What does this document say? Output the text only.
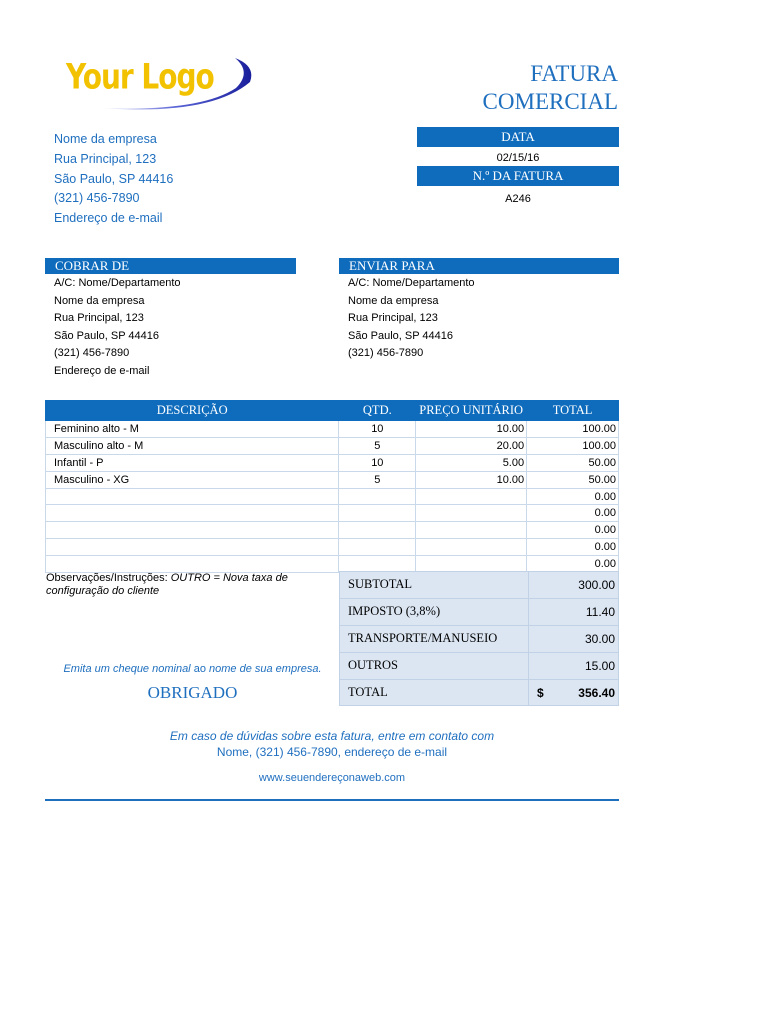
Your Logo	FATURA
COMERCIAL
Nome da empresa
Rua Principal, 123
São Paulo, SP 44416
(321) 456-7890
Endereço de e-mail
DATA
02/15/16
N.º DA FATURA
A246
COBRAR DE
A/C: Nome/Departamento
Nome da empresa
Rua Principal, 123
São Paulo, SP 44416
(321) 456-7890
Endereço de e-mail
ENVIAR PARA
A/C: Nome/Departamento
Nome da empresa
Rua Principal, 123
São Paulo, SP 44416
(321) 456-7890
DESCRIÇÃO	QTD.	PREÇO UNITÁRIO	TOTAL
Feminino alto - M	10	10.00	100.00
Masculino alto - M	5	20.00	100.00
Infantil - P	10	5.00	50.00
Masculino - XG	5	10.00	50.00
			0.00
			0.00
			0.00
			0.00
			0.00
Observações/Instruções: OUTRO = Nova taxa de configuração do cliente
Emita um cheque nominal ao nome de sua empresa.
OBRIGADO
SUBTOTAL	300.00
IMPOSTO (3,8%)	11.40
TRANSPORTE/MANUSEIO	30.00
OUTROS	15.00
TOTAL	$ 356.40
Em caso de dúvidas sobre esta fatura, entre em contato com
Nome, (321) 456-7890, endereço de e-mail
www.seuendereçonaweb.com
